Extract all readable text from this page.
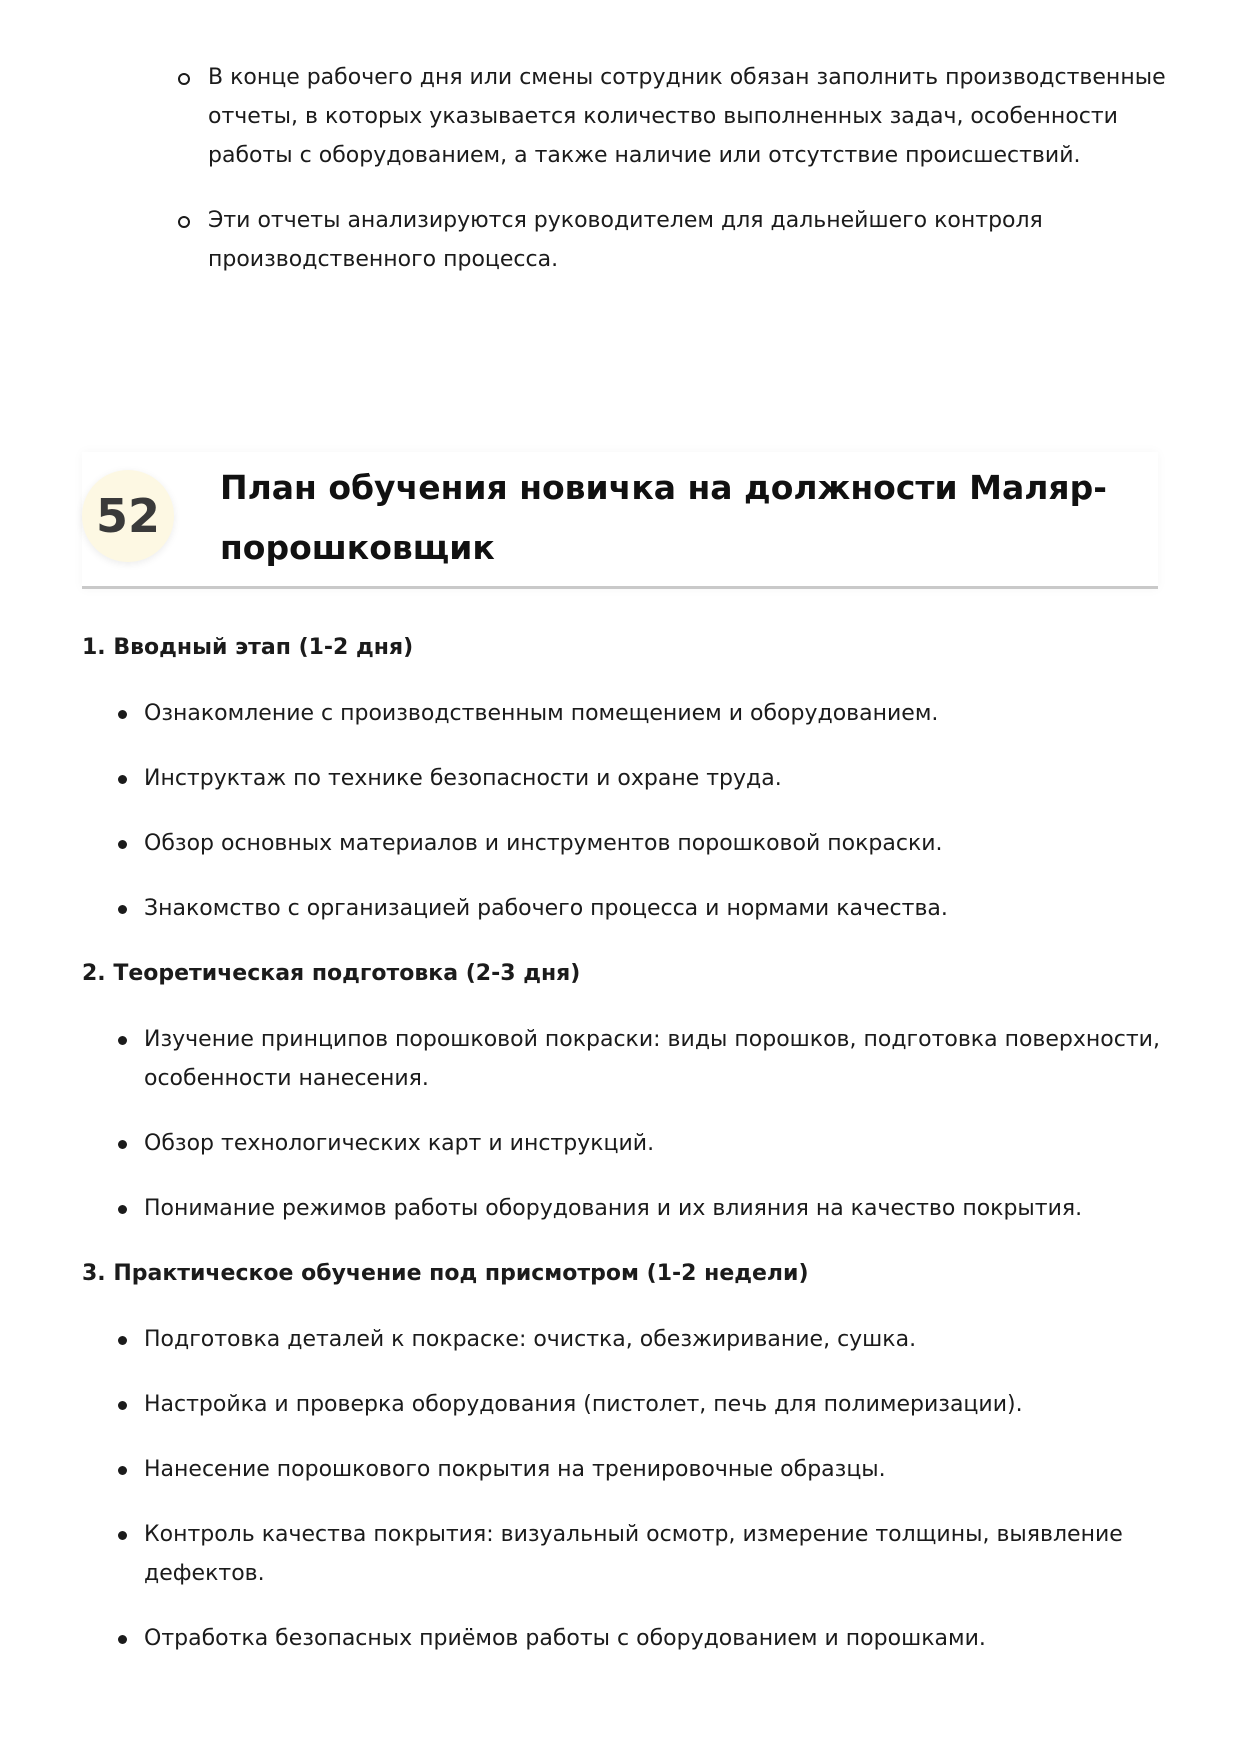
В конце рабочего дня или смены сотрудник обязан заполнить производственные отчеты, в которых указывается количество выполненных задач, особенности работы с оборудованием, а также наличие или отсутствие происшествий.
Эти отчеты анализируются руководителем для дальнейшего контроля производственного процесса.
52
План обучения новичка на должности Маляр-порошковщик

1. Вводный этап (1-2 дня)

Ознакомление с производственным помещением и оборудованием.
Инструктаж по технике безопасности и охране труда.
Обзор основных материалов и инструментов порошковой покраски.
Знакомство с организацией рабочего процесса и нормами качества.

2. Теоретическая подготовка (2-3 дня)

Изучение принципов порошковой покраски: виды порошков, подготовка поверхности, особенности нанесения.
Обзор технологических карт и инструкций.
Понимание режимов работы оборудования и их влияния на качество покрытия.

3. Практическое обучение под присмотром (1-2 недели)

Подготовка деталей к покраске: очистка, обезжиривание, сушка.
Настройка и проверка оборудования (пистолет, печь для полимеризации).
Нанесение порошкового покрытия на тренировочные образцы.
Контроль качества покрытия: визуальный осмотр, измерение толщины, выявление дефектов.
Отработка безопасных приёмов работы с оборудованием и порошками.
